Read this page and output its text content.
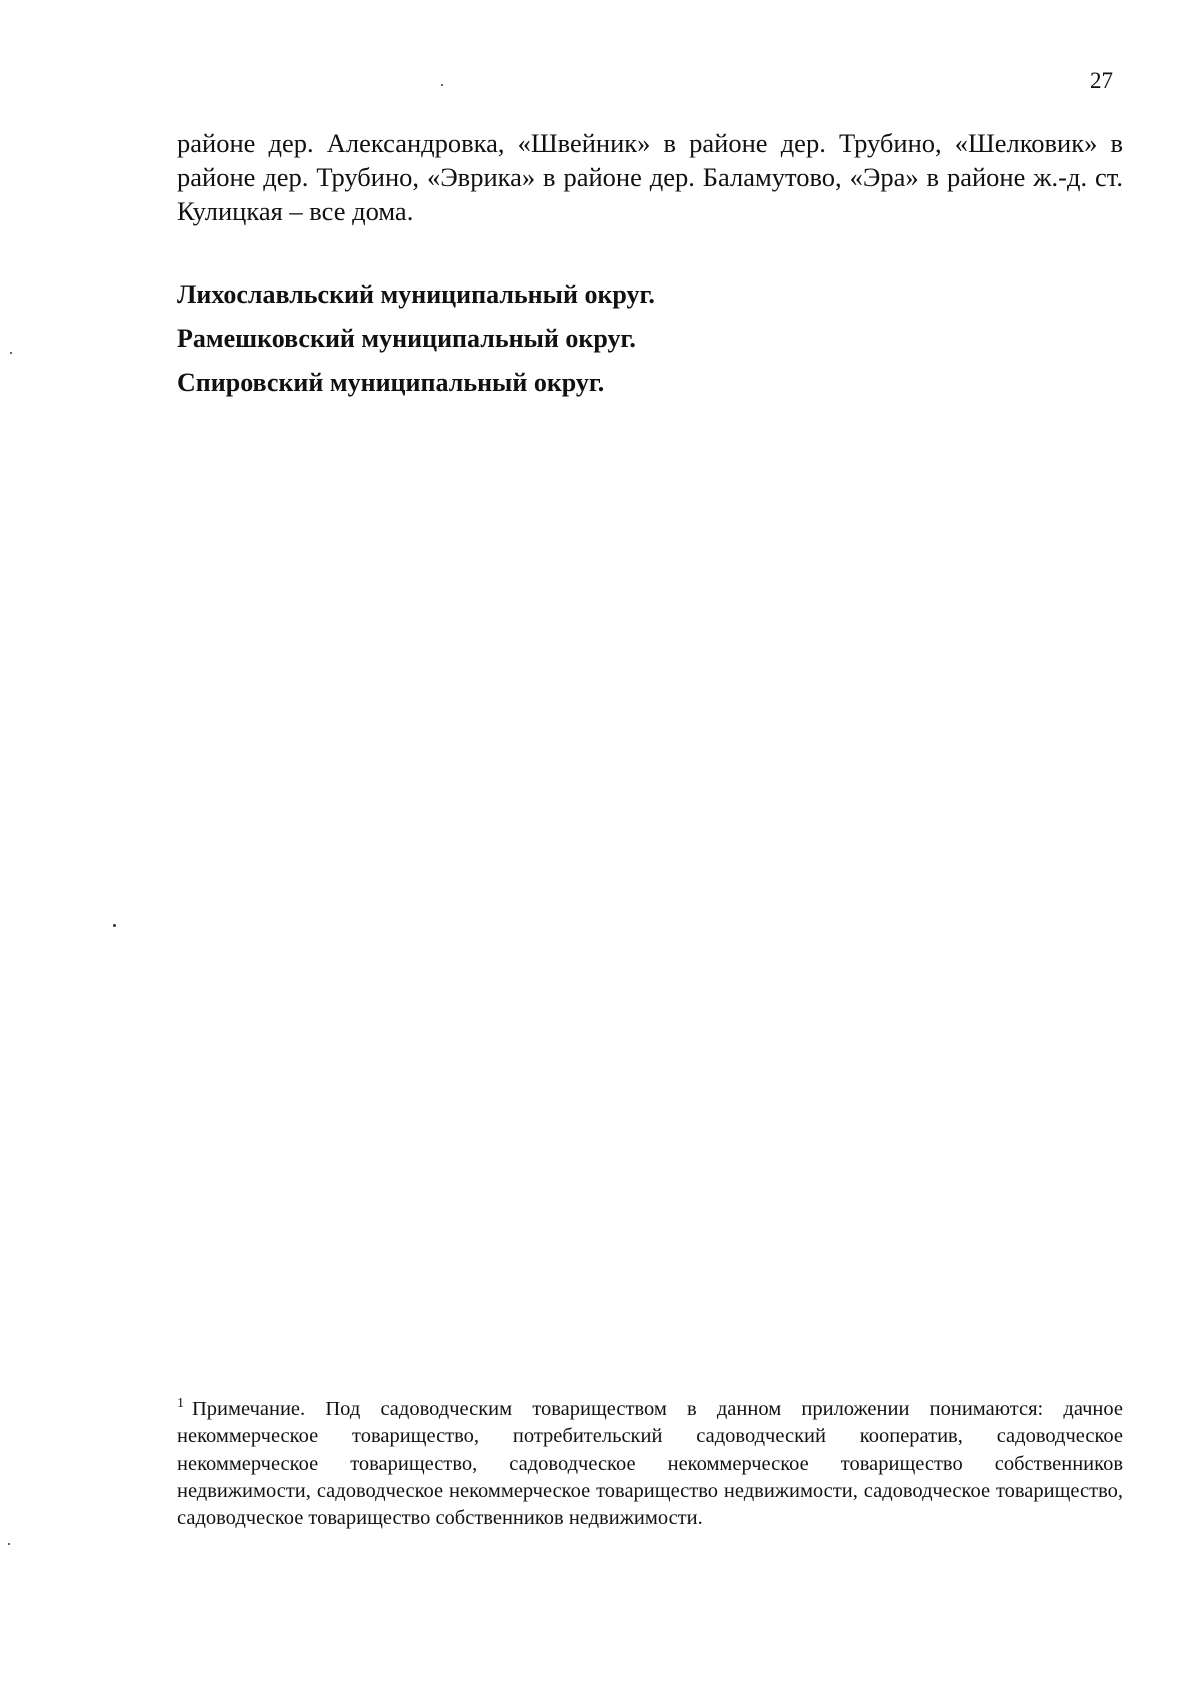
27

районе дер. Александровка, «Швейник» в районе дер. Трубино, «Шелковик» в районе дер. Трубино, «Эврика» в районе дер. Баламутово, «Эра» в районе ж.-д. ст. Кулицкая – все дома.

Лихославльский муниципальный округ.

Рамешковский муниципальный округ.

Спировский муниципальный округ.

$^1$ Примечание. Под садоводческим товариществом в данном приложении понимаются: дачное некоммерческое товарищество, потребительский садоводческий кооператив, садоводческое некоммерческое товарищество, садоводческое некоммерческое товарищество собственников недвижимости, садоводческое некоммерческое товарищество недвижимости, садоводческое товарищество, садоводческое товарищество собственников недвижимости.
